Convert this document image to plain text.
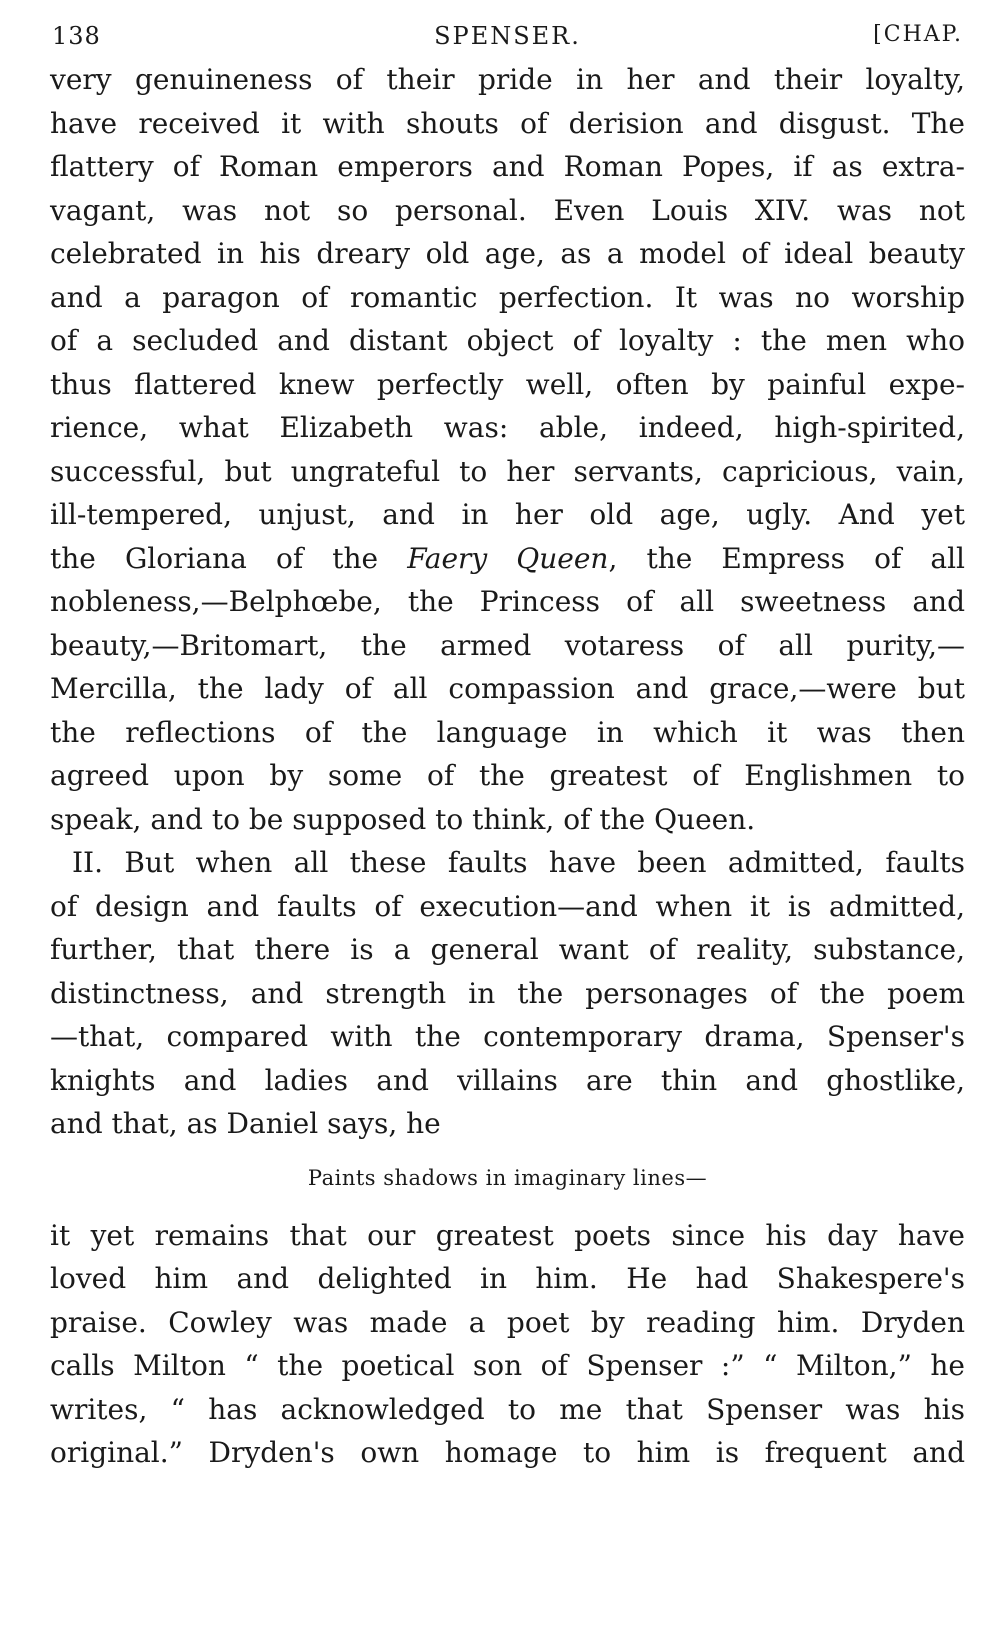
138	SPENSER.	[CHAP.
very genuineness of their pride in her and their loyalty,
have received it with shouts of derision and disgust. The
flattery of Roman emperors and Roman Popes, if as extra-
vagant, was not so personal. Even Louis XIV. was not
celebrated in his dreary old age, as a model of ideal beauty
and a paragon of romantic perfection. It was no worship
of a secluded and distant object of loyalty : the men who
thus flattered knew perfectly well, often by painful expe-
rience, what Elizabeth was: able, indeed, high-spirited,
successful, but ungrateful to her servants, capricious, vain,
ill-tempered, unjust, and in her old age, ugly. And yet
the Gloriana of the Faery Queen, the Empress of all
nobleness,—Belphœbe, the Princess of all sweetness and
beauty,—Britomart, the armed votaress of all purity,—
Mercilla, the lady of all compassion and grace,—were but
the reflections of the language in which it was then
agreed upon by some of the greatest of Englishmen to
speak, and to be supposed to think, of the Queen.
II. But when all these faults have been admitted, faults
of design and faults of execution—and when it is admitted,
further, that there is a general want of reality, substance,
distinctness, and strength in the personages of the poem
—that, compared with the contemporary drama, Spenser's
knights and ladies and villains are thin and ghostlike,
and that, as Daniel says, he
Paints shadows in imaginary lines—
it yet remains that our greatest poets since his day have
loved him and delighted in him. He had Shakespere's
praise. Cowley was made a poet by reading him. Dryden
calls Milton “ the poetical son of Spenser :” “ Milton,” he
writes, “ has acknowledged to me that Spenser was his
original.” Dryden's own homage to him is frequent and
